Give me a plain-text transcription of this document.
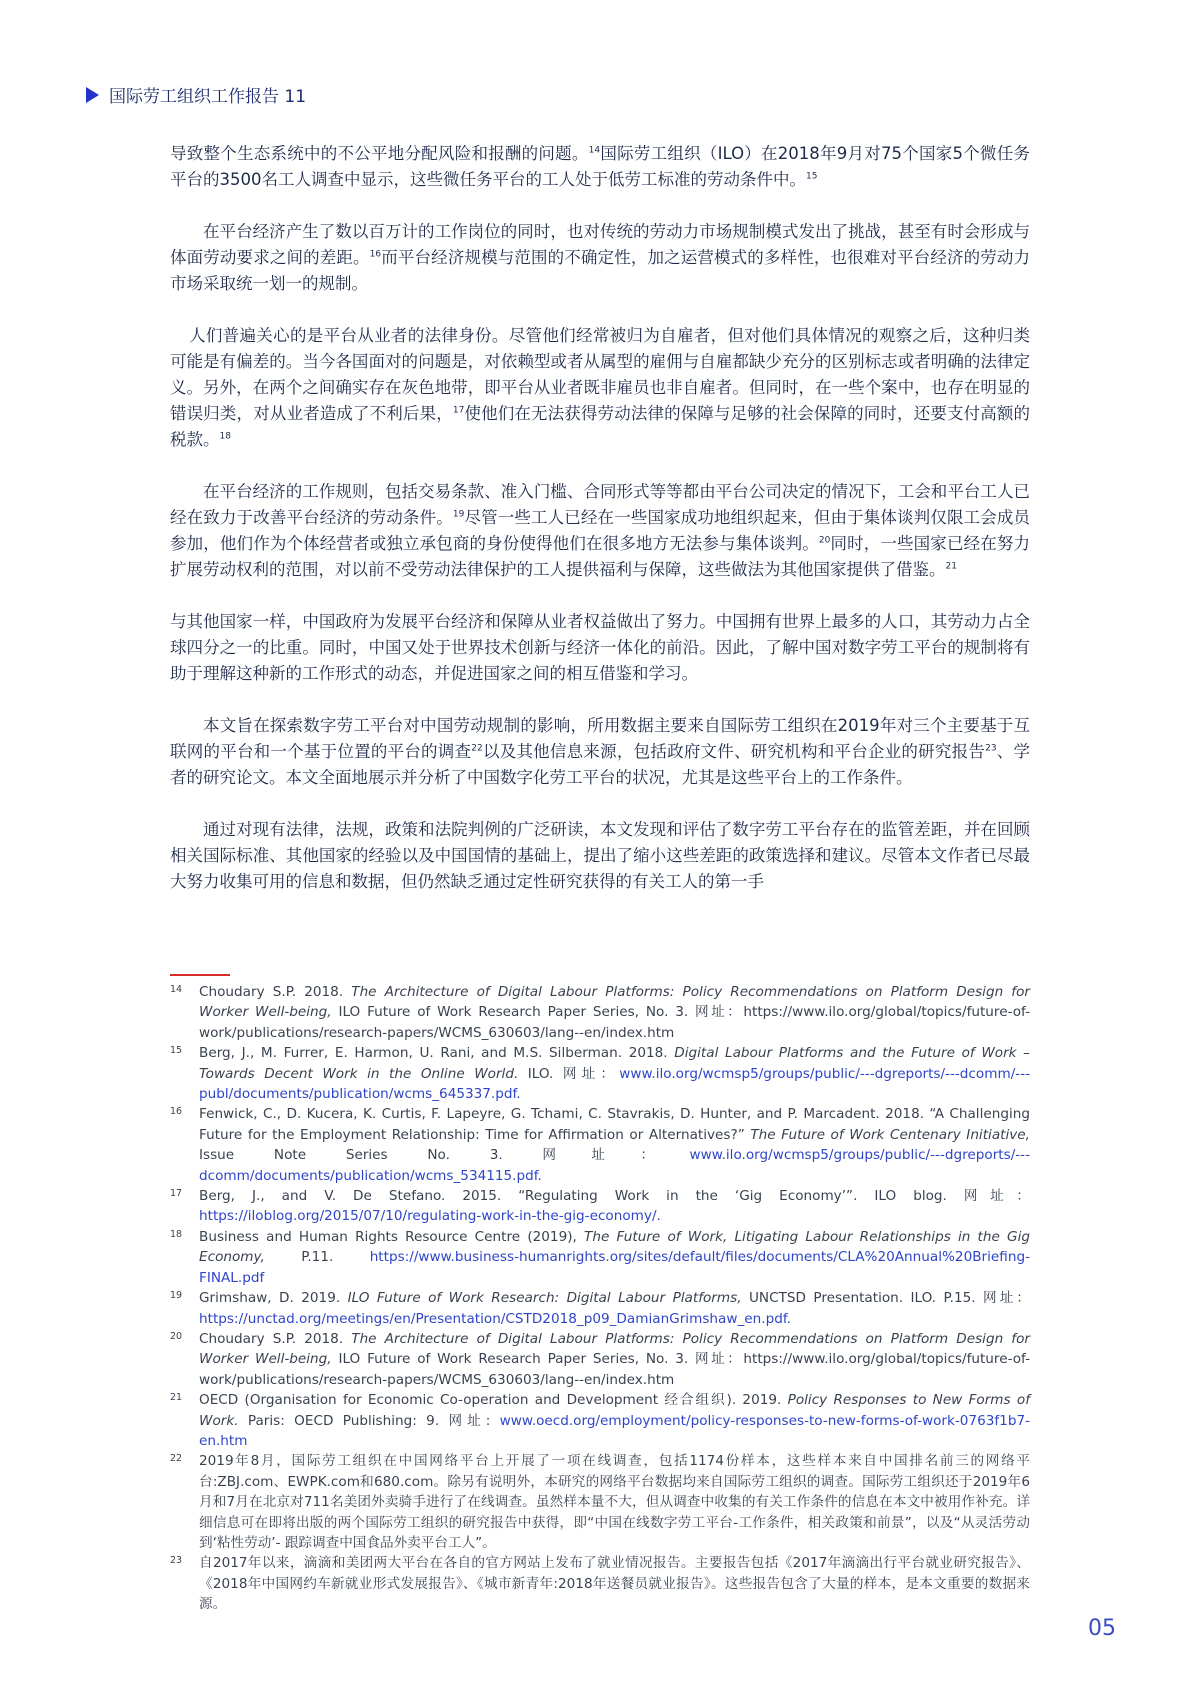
国际劳工组织工作报告 11

导致整个生态系统中的不公平地分配风险和报酬的问题。$^{14}$国际劳工组织（ILO）在2018年9月对75个国家5个微任务平台的3500名工人调查中显示，这些微任务平台的工人处于低劳工标准的劳动条件中。$^{15}$

在平台经济产生了数以百万计的工作岗位的同时，也对传统的劳动力市场规制模式发出了挑战，甚至有时会形成与体面劳动要求之间的差距。$^{16}$而平台经济规模与范围的不确定性，加之运营模式的多样性，也很难对平台经济的劳动力市场采取统一划一的规制。

人们普遍关心的是平台从业者的法律身份。尽管他们经常被归为自雇者，但对他们具体情况的观察之后，这种归类可能是有偏差的。当今各国面对的问题是，对依赖型或者从属型的雇佣与自雇都缺少充分的区别标志或者明确的法律定义。另外，在两个之间确实存在灰色地带，即平台从业者既非雇员也非自雇者。但同时，在一些个案中，也存在明显的错误归类，对从业者造成了不利后果，$^{17}$使他们在无法获得劳动法律的保障与足够的社会保障的同时，还要支付高额的税款。$^{18}$

在平台经济的工作规则，包括交易条款、准入门槛、合同形式等等都由平台公司决定的情况下，工会和平台工人已经在致力于改善平台经济的劳动条件。$^{19}$尽管一些工人已经在一些国家成功地组织起来，但由于集体谈判仅限工会成员参加，他们作为个体经营者或独立承包商的身份使得他们在很多地方无法参与集体谈判。$^{20}$同时，一些国家已经在努力扩展劳动权利的范围，对以前不受劳动法律保护的工人提供福利与保障，这些做法为其他国家提供了借鉴。$^{21}$

与其他国家一样，中国政府为发展平台经济和保障从业者权益做出了努力。中国拥有世界上最多的人口，其劳动力占全球四分之一的比重。同时，中国又处于世界技术创新与经济一体化的前沿。因此，了解中国对数字劳工平台的规制将有助于理解这种新的工作形式的动态，并促进国家之间的相互借鉴和学习。

本文旨在探索数字劳工平台对中国劳动规制的影响，所用数据主要来自国际劳工组织在2019年对三个主要基于互联网的平台和一个基于位置的平台的调查$^{22}$以及其他信息来源，包括政府文件、研究机构和平台企业的研究报告$^{23}$、学者的研究论文。本文全面地展示并分析了中国数字化劳工平台的状况，尤其是这些平台上的工作条件。

通过对现有法律，法规，政策和法院判例的广泛研读，本文发现和评估了数字劳工平台存在的监管差距，并在回顾相关国际标准、其他国家的经验以及中国国情的基础上，提出了缩小这些差距的政策选择和建议。尽管本文作者已尽最大努力收集可用的信息和数据，但仍然缺乏通过定性研究获得的有关工人的第一手

14	Choudary S.P. 2018. The Architecture of Digital Labour Platforms: Policy Recommendations on Platform Design for Worker Well-being, ILO Future of Work Research Paper Series, No. 3. 网址：https://www.ilo.org/global/topics/future-of-work/publications/research-papers/WCMS_630603/lang--en/index.htm
15	Berg, J., M. Furrer, E. Harmon, U. Rani, and M.S. Silberman. 2018. Digital Labour Platforms and the Future of Work – Towards Decent Work in the Online World. ILO. 网址：www.ilo.org/wcmsp5/groups/public/---dgreports/---dcomm/---publ/documents/publication/wcms_645337.pdf.
16	Fenwick, C., D. Kucera, K. Curtis, F. Lapeyre, G. Tchami, C. Stavrakis, D. Hunter, and P. Marcadent. 2018. “A Challenging Future for the Employment Relationship: Time for Affirmation or Alternatives?” The Future of Work Centenary Initiative, Issue Note Series No. 3. 网址：www.ilo.org/wcmsp5/groups/public/---dgreports/---dcomm/documents/publication/wcms_534115.pdf.
17	Berg, J., and V. De Stefano. 2015. “Regulating Work in the ‘Gig Economy’”. ILO blog. 网址：https://iloblog.org/2015/07/10/regulating-work-in-the-gig-economy/.
18	Business and Human Rights Resource Centre (2019), The Future of Work, Litigating Labour Relationships in the Gig Economy, P.11. https://www.business-humanrights.org/sites/default/files/documents/CLA%20Annual%20Briefing-FINAL.pdf
19	Grimshaw, D. 2019. ILO Future of Work Research: Digital Labour Platforms, UNCTSD Presentation. ILO. P.15. 网址：https://unctad.org/meetings/en/Presentation/CSTD2018_p09_DamianGrimshaw_en.pdf.
20	Choudary S.P. 2018. The Architecture of Digital Labour Platforms: Policy Recommendations on Platform Design for Worker Well-being, ILO Future of Work Research Paper Series, No. 3. 网址：https://www.ilo.org/global/topics/future-of-work/publications/research-papers/WCMS_630603/lang--en/index.htm
21	OECD (Organisation for Economic Co-operation and Development 经合组织). 2019. Policy Responses to New Forms of Work. Paris: OECD Publishing: 9. 网址: www.oecd.org/employment/policy-responses-to-new-forms-of-work-0763f1b7-en.htm
22	2019年8月，国际劳工组织在中国网络平台上开展了一项在线调查，包括1174份样本，这些样本来自中国排名前三的网络平台:ZBJ.com、EWPK.com和680.com。除另有说明外，本研究的网络平台数据均来自国际劳工组织的调查。国际劳工组织还于2019年6月和7月在北京对711名美团外卖骑手进行了在线调查。虽然样本量不大，但从调查中收集的有关工作条件的信息在本文中被用作补充。详细信息可在即将出版的两个国际劳工组织的研究报告中获得，即“中国在线数字劳工平台-工作条件，相关政策和前景”，以及“从灵活劳动到‘粘性劳动’- 跟踪调查中国食品外卖平台工人”。
23	自2017年以来，滴滴和美团两大平台在各自的官方网站上发布了就业情况报告。主要报告包括《2017年滴滴出行平台就业研究报告》、《2018年中国网约车新就业形式发展报告》、《城市新青年:2018年送餐员就业报告》。这些报告包含了大量的样本，是本文重要的数据来源。
05
